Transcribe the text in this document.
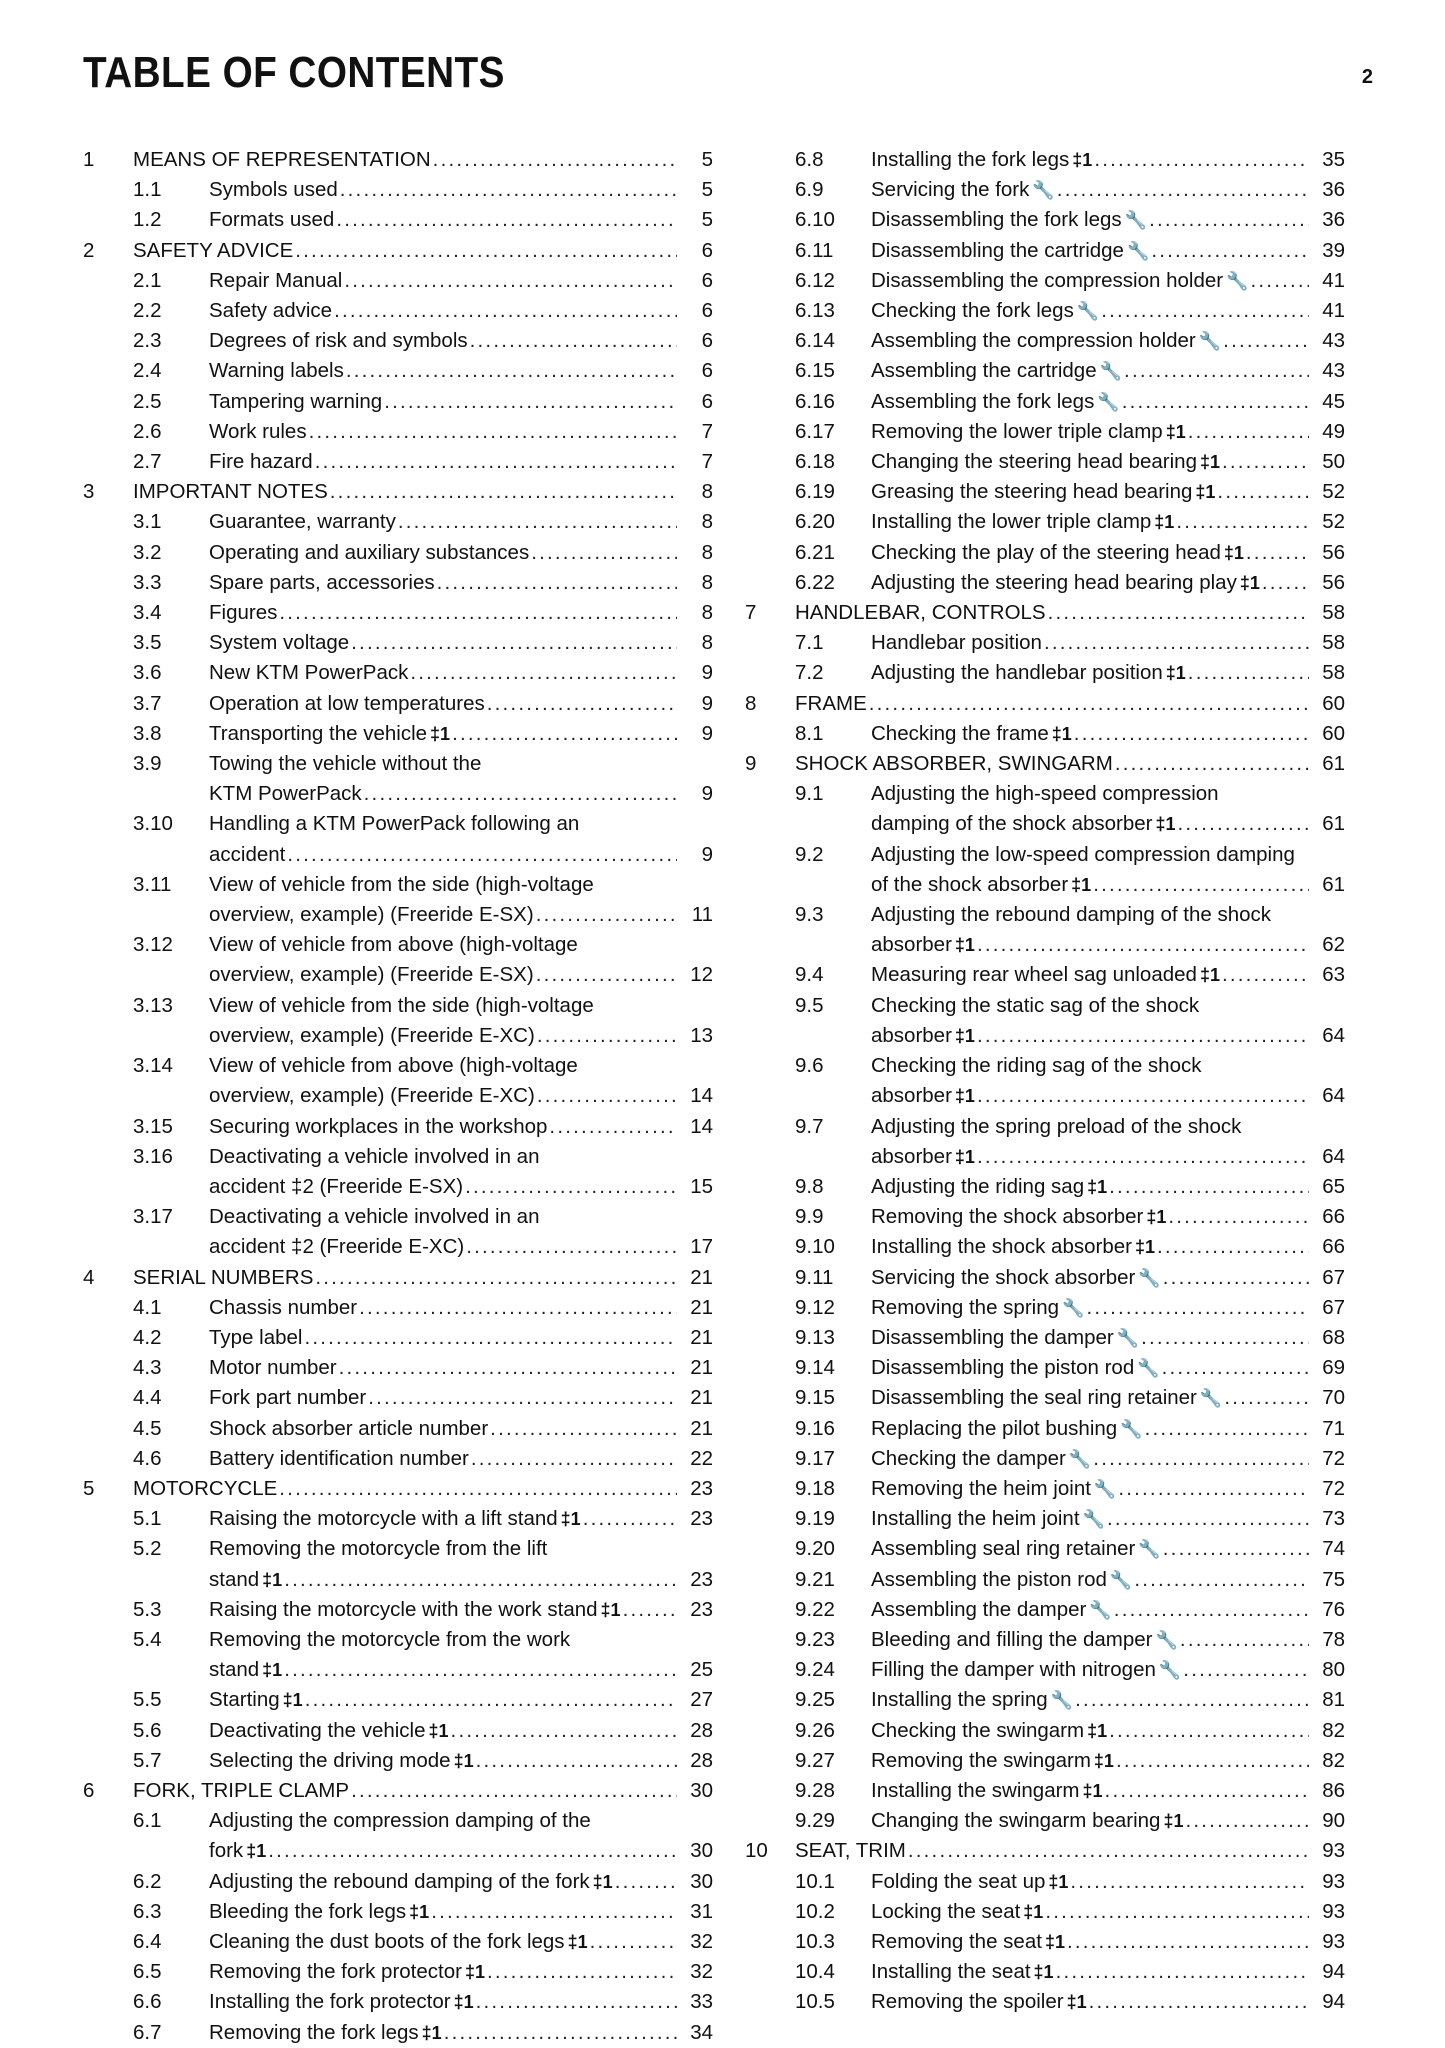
TABLE OF CONTENTS	2
1 MEANS OF REPRESENTATION .....	5
1.1 Symbols used .....	5
1.2 Formats used .....	5
2 SAFETY ADVICE .....	6
2.1 Repair Manual .....	6
2.2 Safety advice .....	6
2.3 Degrees of risk and symbols .....	6
2.4 Warning labels .....	6
2.5 Tampering warning .....	6
2.6 Work rules .....	7
2.7 Fire hazard .....	7
3 IMPORTANT NOTES .....	8
3.1 Guarantee, warranty .....	8
3.2 Operating and auxiliary substances .....	8
3.3 Spare parts, accessories .....	8
3.4 Figures .....	8
3.5 System voltage .....	8
3.6 New KTM PowerPack .....	9
3.7 Operation at low temperatures .....	9
3.8 Transporting the vehicle ‡1 .....	9
3.9 Towing the vehicle without the
KTM PowerPack .....	9
3.10 Handling a KTM PowerPack following an
accident .....	9
3.11 View of vehicle from the side (high-voltage
overview, example) (Freeride E-SX) .....	11
3.12 View of vehicle from above (high-voltage
overview, example) (Freeride E-SX) .....	12
3.13 View of vehicle from the side (high-voltage
overview, example) (Freeride E-XC) .....	13
3.14 View of vehicle from above (high-voltage
overview, example) (Freeride E-XC) .....	14
3.15 Securing workplaces in the workshop .....	14
3.16 Deactivating a vehicle involved in an
accident ‡2 (Freeride E-SX) .....	15
3.17 Deactivating a vehicle involved in an
accident ‡2 (Freeride E-XC) .....	17
4 SERIAL NUMBERS .....	21
4.1 Chassis number .....	21
4.2 Type label .....	21
4.3 Motor number .....	21
4.4 Fork part number .....	21
4.5 Shock absorber article number .....	21
4.6 Battery identification number .....	22
5 MOTORCYCLE .....	23
5.1 Raising the motorcycle with a lift stand ‡1 .....	23
5.2 Removing the motorcycle from the lift
stand ‡1 .....	23
5.3 Raising the motorcycle with the work stand ‡1 .....	23
5.4 Removing the motorcycle from the work
stand ‡1 .....	25
5.5 Starting ‡1 .....	27
5.6 Deactivating the vehicle ‡1 .....	28
5.7 Selecting the driving mode ‡1 .....	28
6 FORK, TRIPLE CLAMP .....	30
6.1 Adjusting the compression damping of the
fork ‡1 .....	30
6.2 Adjusting the rebound damping of the fork ‡1 .....	30
6.3 Bleeding the fork legs ‡1 .....	31
6.4 Cleaning the dust boots of the fork legs ‡1 .....	32
6.5 Removing the fork protector ‡1 .....	32
6.6 Installing the fork protector ‡1 .....	33
6.7 Removing the fork legs ‡1 .....	34
6.8 Installing the fork legs ‡1 .....	35
6.9 Servicing the fork 🔧 .....	36
6.10 Disassembling the fork legs 🔧 .....	36
6.11 Disassembling the cartridge 🔧 .....	39
6.12 Disassembling the compression holder 🔧 .....	41
6.13 Checking the fork legs 🔧 .....	41
6.14 Assembling the compression holder 🔧 .....	43
6.15 Assembling the cartridge 🔧 .....	43
6.16 Assembling the fork legs 🔧 .....	45
6.17 Removing the lower triple clamp ‡1 .....	49
6.18 Changing the steering head bearing ‡1 .....	50
6.19 Greasing the steering head bearing ‡1 .....	52
6.20 Installing the lower triple clamp ‡1 .....	52
6.21 Checking the play of the steering head ‡1 .....	56
6.22 Adjusting the steering head bearing play ‡1 .....	56
7 HANDLEBAR, CONTROLS .....	58
7.1 Handlebar position .....	58
7.2 Adjusting the handlebar position ‡1 .....	58
8 FRAME .....	60
8.1 Checking the frame ‡1 .....	60
9 SHOCK ABSORBER, SWINGARM .....	61
9.1 Adjusting the high-speed compression
damping of the shock absorber ‡1 .....	61
9.2 Adjusting the low-speed compression damping
of the shock absorber ‡1 .....	61
9.3 Adjusting the rebound damping of the shock
absorber ‡1 .....	62
9.4 Measuring rear wheel sag unloaded ‡1 .....	63
9.5 Checking the static sag of the shock
absorber ‡1 .....	64
9.6 Checking the riding sag of the shock
absorber ‡1 .....	64
9.7 Adjusting the spring preload of the shock
absorber ‡1 .....	64
9.8 Adjusting the riding sag ‡1 .....	65
9.9 Removing the shock absorber ‡1 .....	66
9.10 Installing the shock absorber ‡1 .....	66
9.11 Servicing the shock absorber 🔧 .....	67
9.12 Removing the spring 🔧 .....	67
9.13 Disassembling the damper 🔧 .....	68
9.14 Disassembling the piston rod 🔧 .....	69
9.15 Disassembling the seal ring retainer 🔧 .....	70
9.16 Replacing the pilot bushing 🔧 .....	71
9.17 Checking the damper 🔧 .....	72
9.18 Removing the heim joint 🔧 .....	72
9.19 Installing the heim joint 🔧 .....	73
9.20 Assembling seal ring retainer 🔧 .....	74
9.21 Assembling the piston rod 🔧 .....	75
9.22 Assembling the damper 🔧 .....	76
9.23 Bleeding and filling the damper 🔧 .....	78
9.24 Filling the damper with nitrogen 🔧 .....	80
9.25 Installing the spring 🔧 .....	81
9.26 Checking the swingarm ‡1 .....	82
9.27 Removing the swingarm ‡1 .....	82
9.28 Installing the swingarm ‡1 .....	86
9.29 Changing the swingarm bearing ‡1 .....	90
10 SEAT, TRIM .....	93
10.1 Folding the seat up ‡1 .....	93
10.2 Locking the seat ‡1 .....	93
10.3 Removing the seat ‡1 .....	93
10.4 Installing the seat ‡1 .....	94
10.5 Removing the spoiler ‡1 .....	94
